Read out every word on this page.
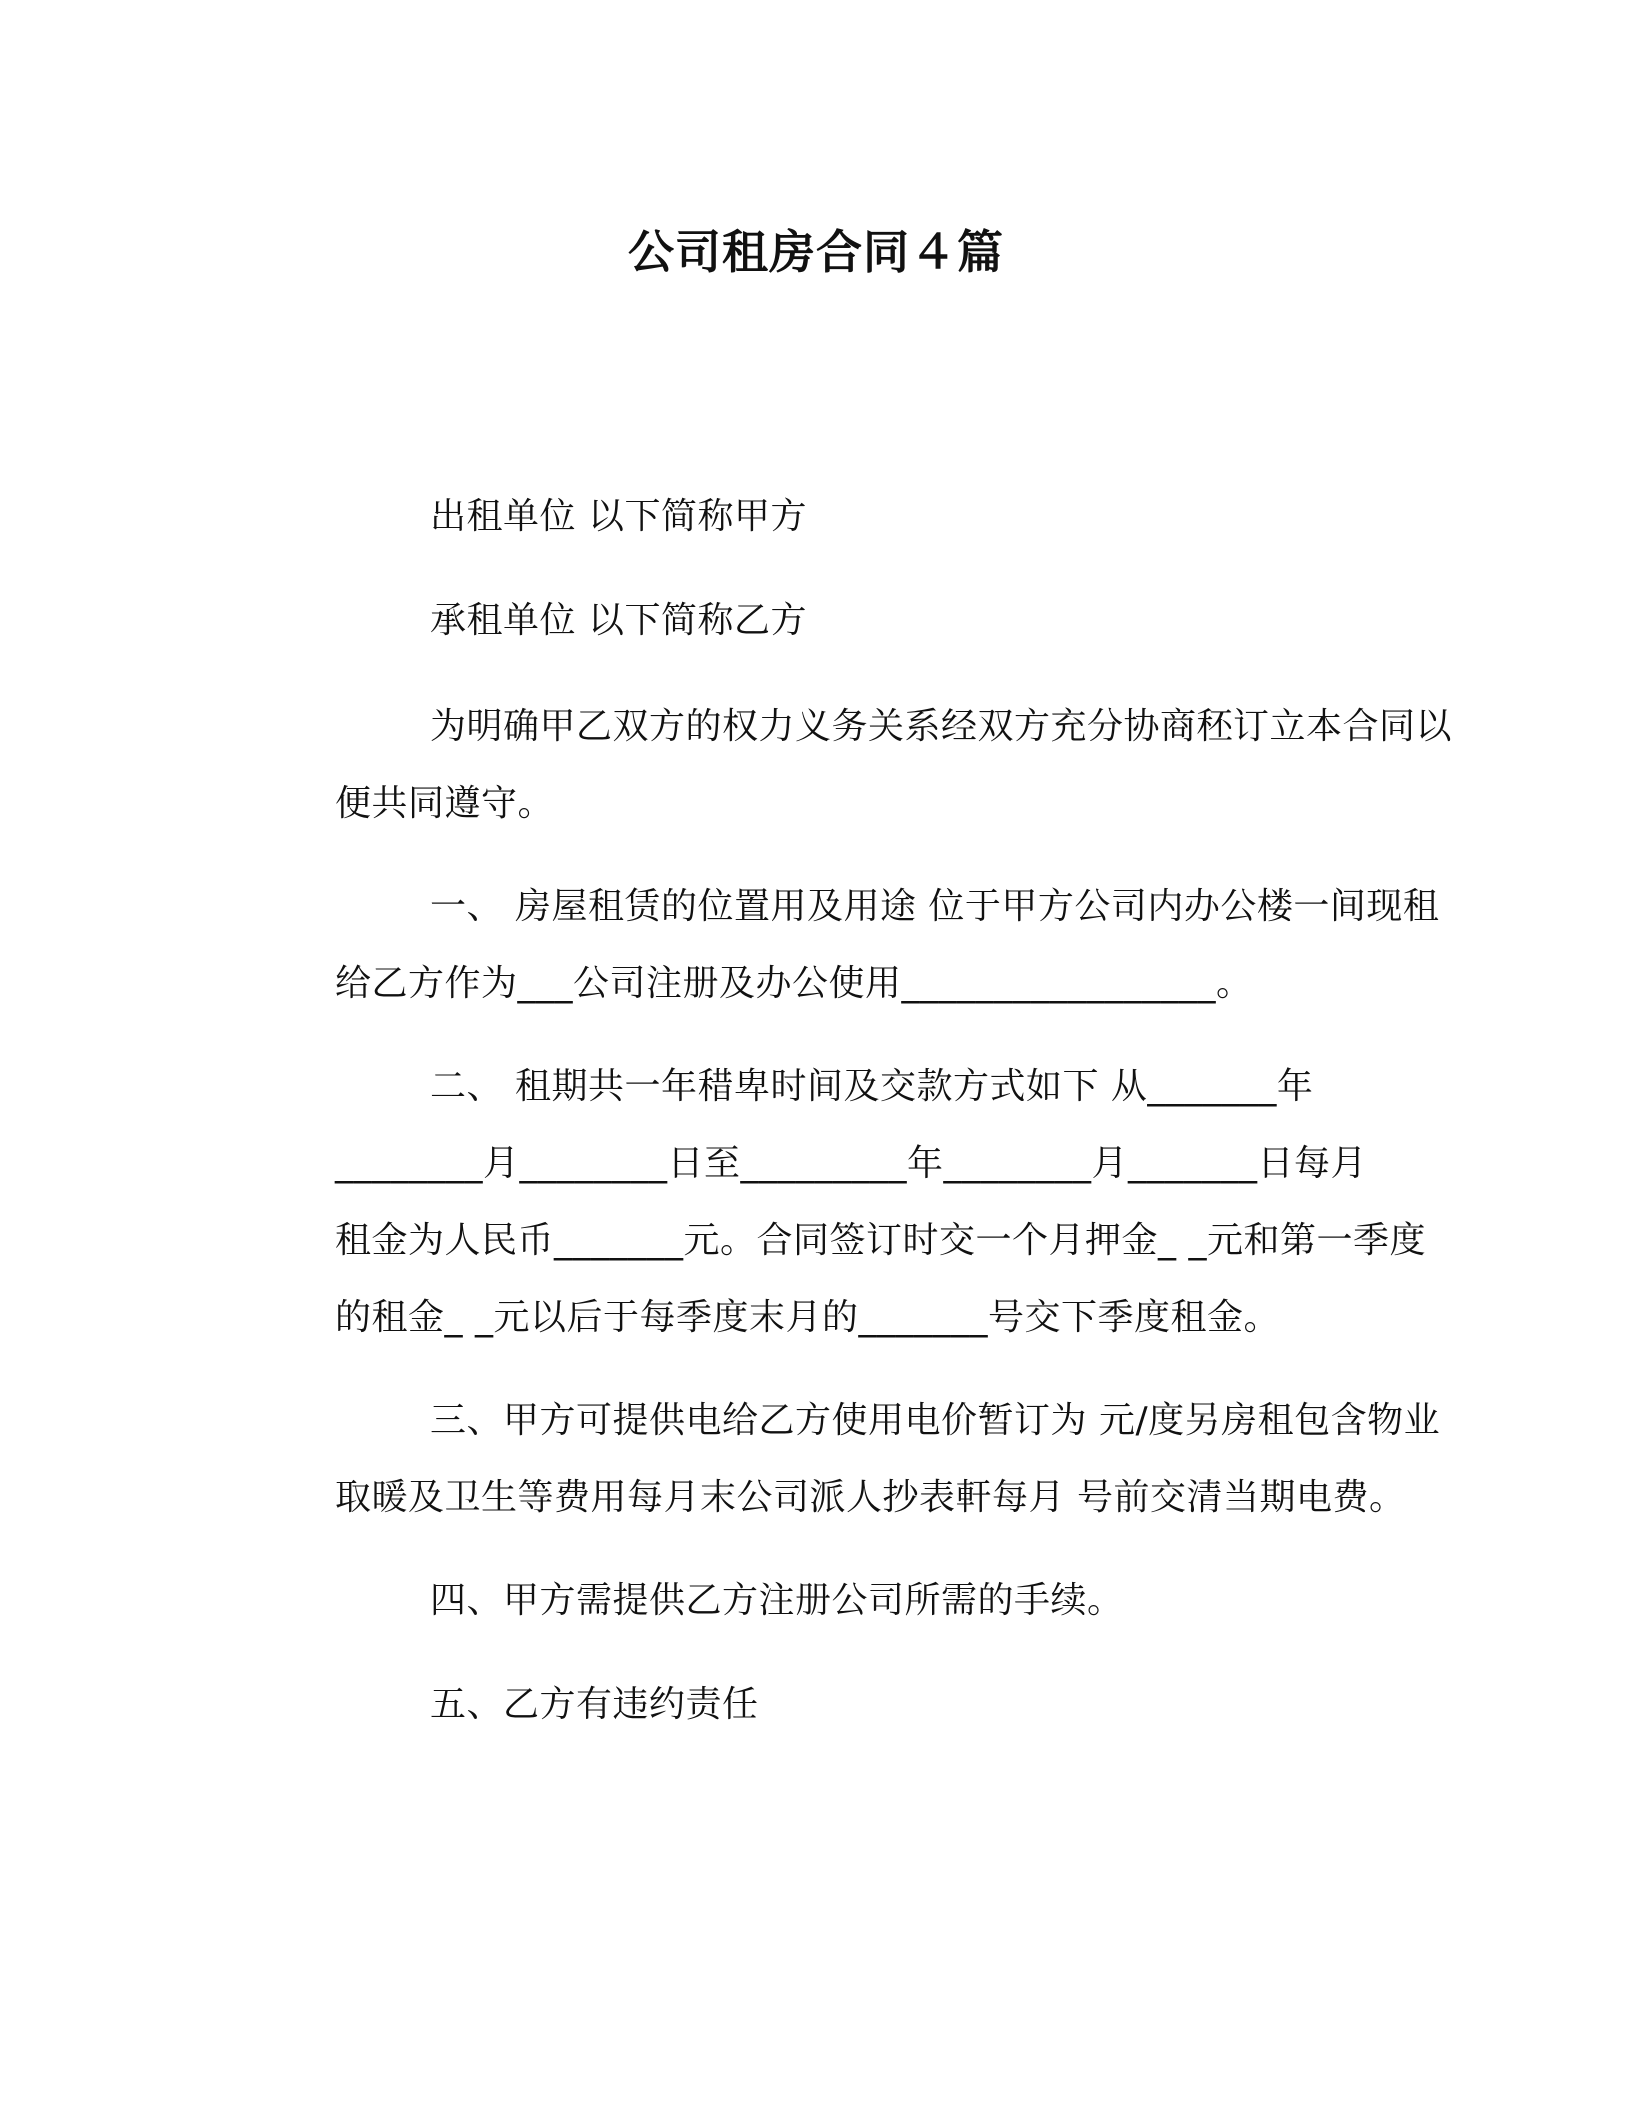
公司租房合同４篇
出租单位 以下简称甲方
承租单位 以下简称乙方
为明确甲乙双方的权力义务关系经双方充分协商秠订立本合同以
便共同遵守。
一、 房屋租赁的位置用及用途 位于甲方公司内办公楼一间现租
给乙方作为___公司注册及办公使用_________________。
二、 租期共一年稓卑时间及交款方式如下 从_______年
________月________日至_________年________月_______日每月
租金为人民币_______元。合同签订时交一个月押金_ _元和第一季度
的租金_ _元以后于每季度末月的_______号交下季度租金。
三、甲方可提供电给乙方使用电价暂订为 元/度另房租包含物业
取暖及卫生等费用每月末公司派人抄表軒每月 号前交清当期电费。
四、甲方需提供乙方注册公司所需的手续。
五、乙方有违约责任
